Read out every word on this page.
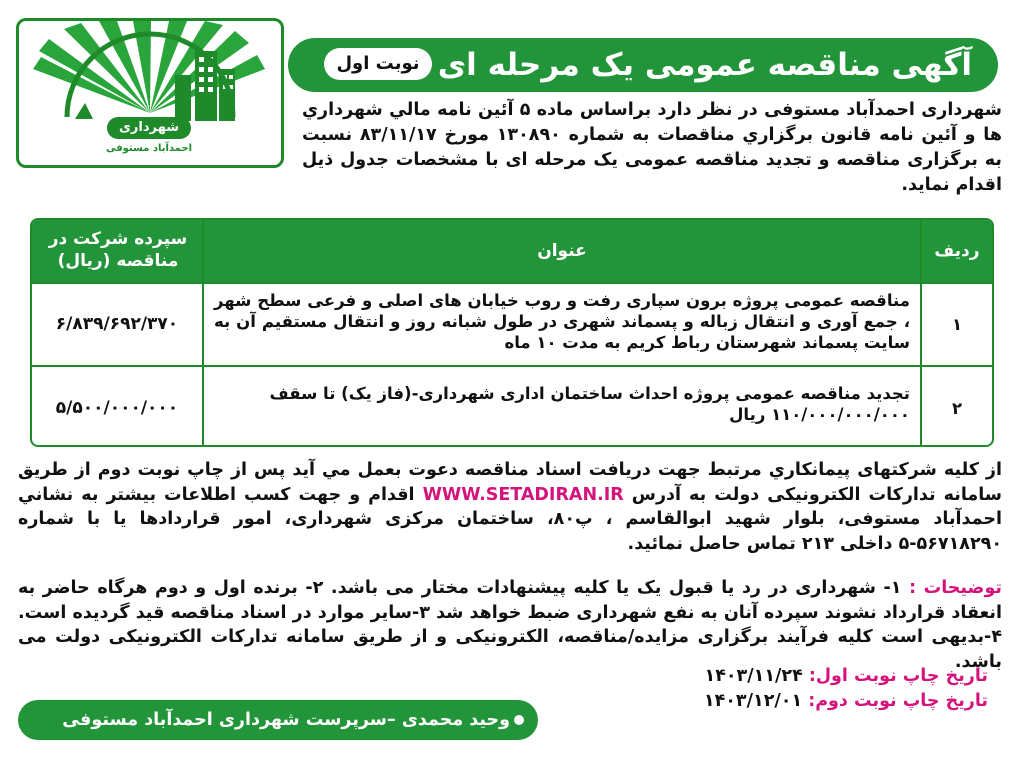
شهرداری
احمدآباد مستوفی
آگهی مناقصه عمومی یک مرحله ای
نوبت اول
شهرداری احمدآباد مستوفی در نظر دارد براساس ماده ۵ آئین نامه مالي شهرداري ها و آئين نامه قانون برگزاري مناقصات به شماره ۱۳۰۸۹۰ مورخ ۸۳/۱۱/۱۷ نسبت به برگزاری مناقصه و تجدید مناقصه عمومی یک مرحله ای با مشخصات جدول ذیل اقدام نماید.
ردیف
عنوان
سپرده شرکت در مناقصه (ریال)
۱
مناقصه عمومی پروژه برون سپاری رفت و روب خیابان های اصلی و فرعی سطح شهر ، جمع آوری و انتقال زباله و پسماند شهری در طول شبانه روز و انتقال مستقیم آن به سایت پسماند شهرستان رباط کریم به مدت ۱۰ ماه
۶/۸۳۹/۶۹۲/۳۷۰
۲
تجدید مناقصه عمومی پروژه احداث ساختمان اداری شهرداری-(فاز یک) تا سقف ۱۱۰/۰۰۰/۰۰۰/۰۰۰ ریال
۵/۵۰۰/۰۰۰/۰۰۰
از کلیه شرکتهای پیمانکاري مرتبط جهت دریافت اسناد مناقصه دعوت بعمل مي آید پس از چاپ نوبت دوم از طریق سامانه تدارکات الکترونیکی دولت به آدرس WWW.SETADIRAN.IR اقدام و جهت کسب اطلاعات بیشتر به نشاني احمدآباد مستوفی، بلوار شهید ابوالقاسم ، پ۸۰، ساختمان مرکزی شهرداری، امور قراردادها یا با شماره ۵۶۷۱۸۲۹۰-۵ داخلی ۲۱۳ تماس حاصل نمائید.
توضیحات : ۱- شهرداری در رد یا قبول یک یا کلیه پیشنهادات مختار می باشد. ۲- برنده اول و دوم هرگاه حاضر به انعقاد قرارداد نشوند سپرده آنان به نفع شهرداری ضبط خواهد شد ۳-سایر موارد در اسناد مناقصه قید گردیده است. ۴-بدیهی است کلیه فرآیند برگزاری مزایده/مناقصه، الکترونیکی و از طریق سامانه تدارکات الکترونیکی دولت می باشد.
تاریخ چاپ نوبت اول: ۱۴۰۳/۱۱/۲۴
تاریخ چاپ نوبت دوم: ۱۴۰۳/۱۲/۰۱
وحید محمدی –سرپرست شهرداری احمدآباد مستوفی
